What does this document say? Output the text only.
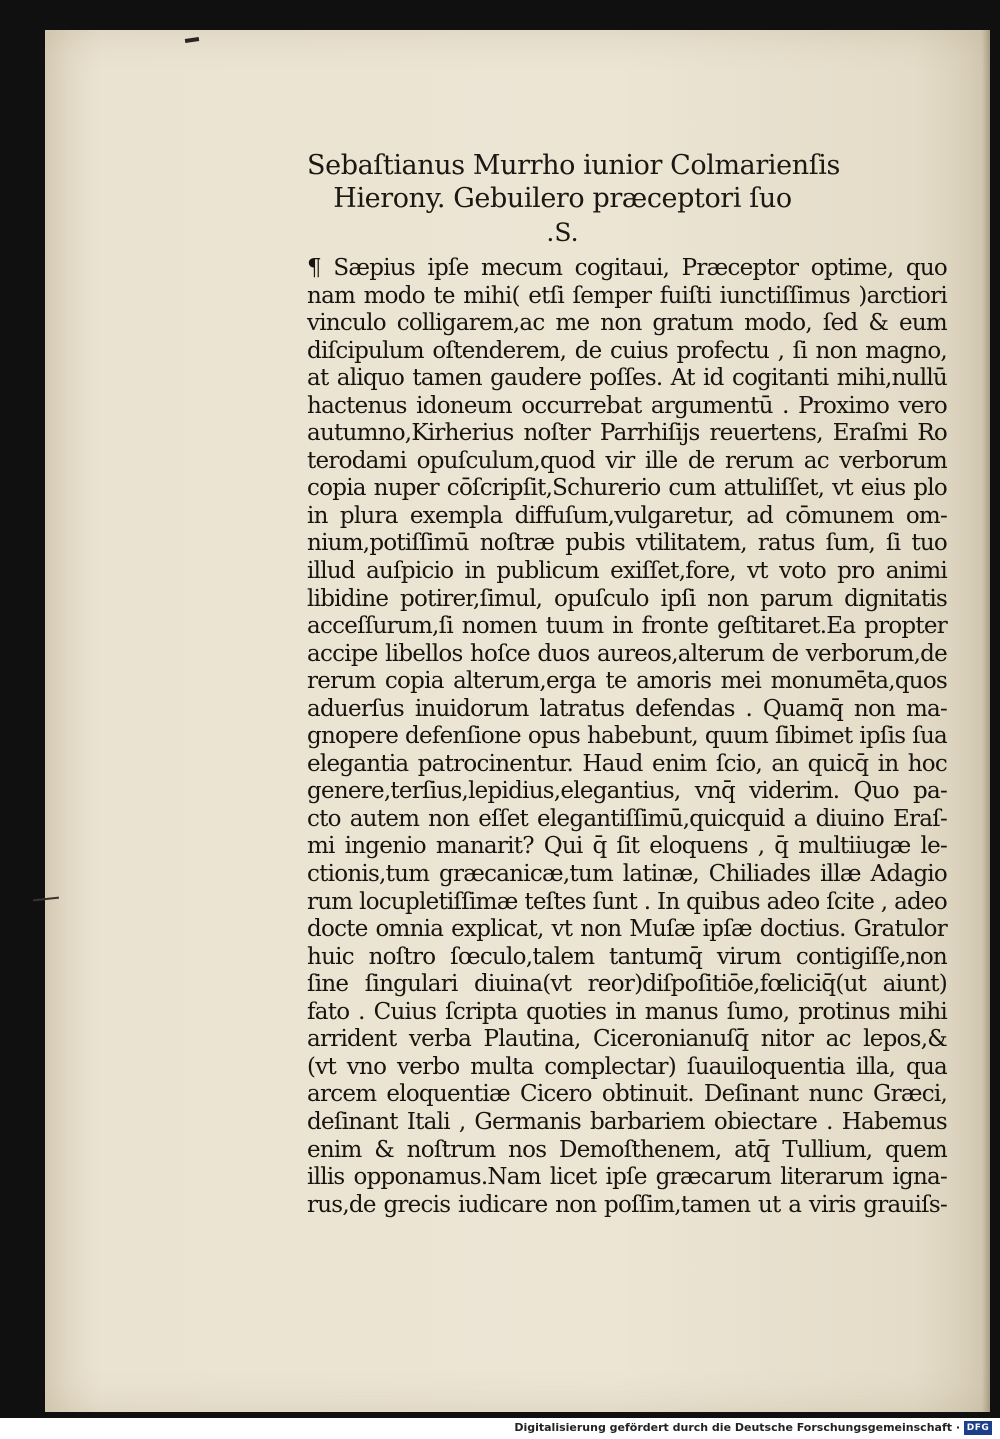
Sebaſtianus Murrho iunior Colmarienſis
Hierony. Gebuilero præceptori ſuo
.S.
¶ Sæpius ipſe mecum cogitaui, Præceptor optime, quo
nam modo te mihi( etſi ſemper fuiſti iunctiſſimus )arctiori
vinculo colligarem,ac me non gratum modo, ſed & eum
diſcipulum oſtenderem, de cuius profectu , ſi non magno,
at aliquo tamen gaudere poſſes. At id cogitanti mihi,nullū
hactenus idoneum occurrebat argumentū . Proximo vero
autumno,Kirherius noſter Parrhiſijs reuertens, Eraſmi Ro
terodami opuſculum,quod vir ille de rerum ac verborum
copia nuper cōſcripſit,Schurerio cum attuliſſet, vt eius plo
in plura exempla diffuſum,vulgaretur, ad cōmunem om-
nium,potiſſimū noſtræ pubis vtilitatem, ratus ſum, ſi tuo
illud auſpicio in publicum exiſſet,fore, vt voto pro animi
libidine potirer,ſimul, opuſculo ipſi non parum dignitatis
acceſſurum,ſi nomen tuum in fronte geſtitaret.Ea propter
accipe libellos hoſce duos aureos,alterum de verborum,de
rerum copia alterum,erga te amoris mei monumēta,quos
aduerſus inuidorum latratus defendas . Quamq̄ non ma-
gnopere defenſione opus habebunt, quum ſibimet ipſis ſua
elegantia patrocinentur. Haud enim ſcio, an quicq̄ in hoc
genere,terſius,lepidius,elegantius, vnq̄ viderim. Quo pa-
cto autem non eſſet elegantiſſimū,quicquid a diuino Eraſ-
mi ingenio manarit? Qui q̄ ſit eloquens , q̄ multiiugæ le-
ctionis,tum græcanicæ,tum latinæ, Chiliades illæ Adagio
rum locupletiſſimæ teſtes ſunt . In quibus adeo ſcite , adeo
docte omnia explicat, vt non Muſæ ipſæ doctius. Gratulor
huic noſtro ſœculo,talem tantumq̄ virum contigiſſe,non
ſine ſingulari diuina(vt reor)diſpoſitiōe,fœliciq̄(ut aiunt)
fato . Cuius ſcripta quoties in manus ſumo, protinus mihi
arrident verba Plautina, Ciceronianuſq̄ nitor ac lepos,&
(vt vno verbo multa complectar) ſuauiloquentia illa, qua
arcem eloquentiæ Cicero obtinuit. Deſinant nunc Græci,
deſinant Itali , Germanis barbariem obiectare . Habemus
enim & noſtrum nos Demoſthenem, atq̄ Tullium, quem
illis opponamus.Nam licet ipſe græcarum literarum igna-
rus,de grecis iudicare non poſſim,tamen ut a viris grauiſs-
Digitalisierung gefördert durch die Deutsche Forschungsgemeinschaft · DFG
